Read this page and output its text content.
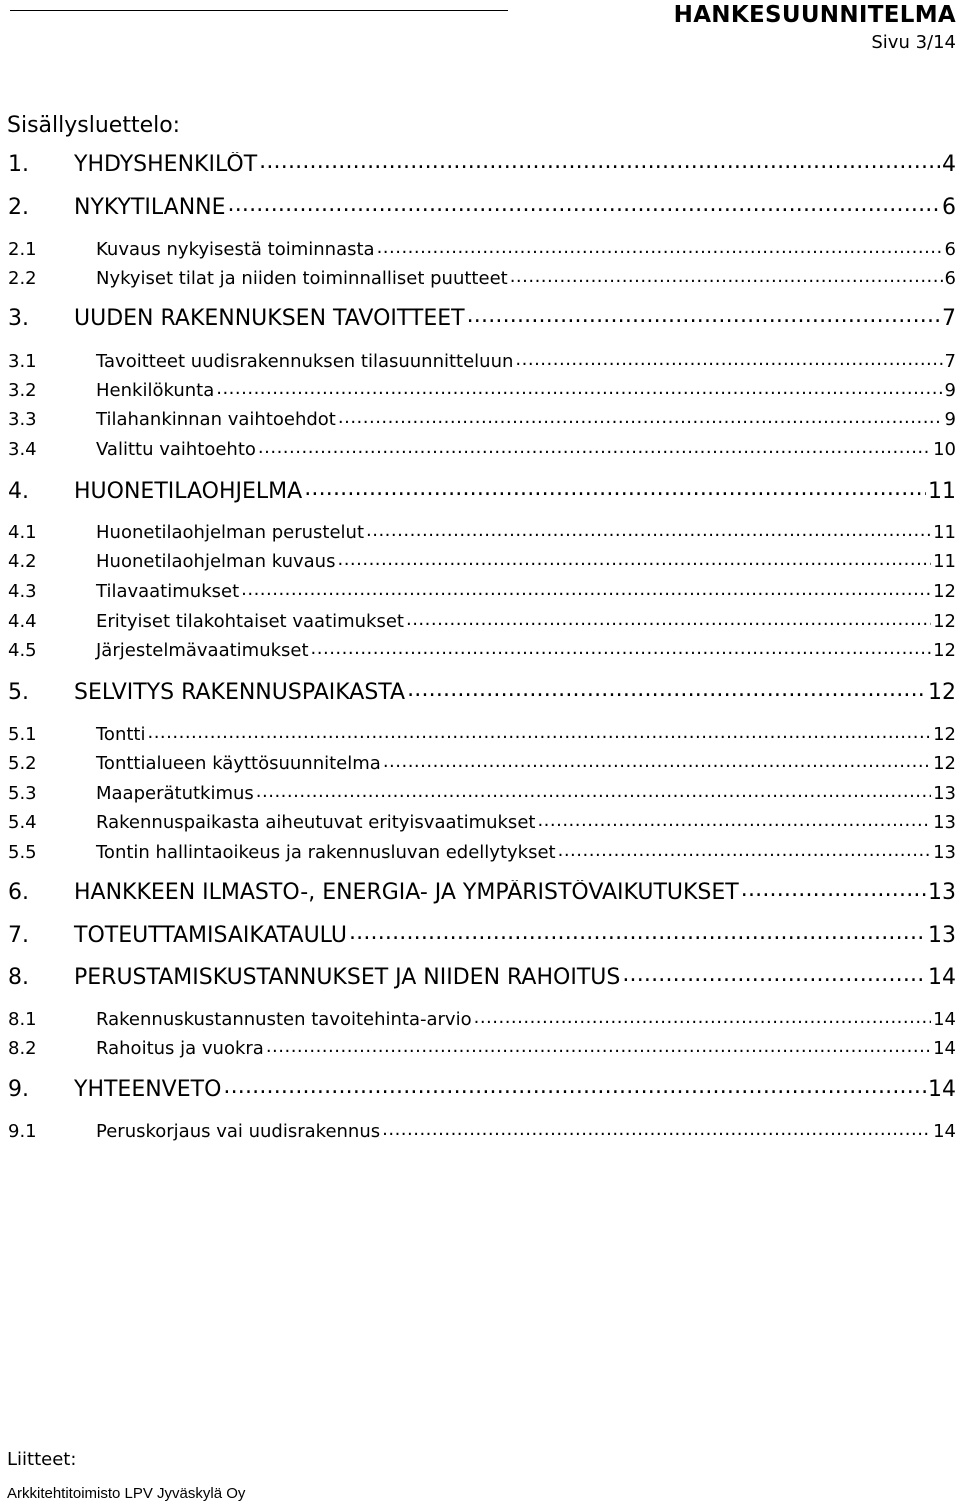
HANKESUUNNITELMA
Sivu 3/14
Sisällysluettelo:
1.	YHDYSHENKILÖT .....	4
2.	NYKYTILANNE .....	6
2.1	Kuvaus nykyisestä toiminnasta .....	6
2.2	Nykyiset tilat ja niiden toiminnalliset puutteet .....	6
3.	UUDEN RAKENNUKSEN TAVOITTEET .....	7
3.1	Tavoitteet uudisrakennuksen tilasuunnitteluun .....	7
3.2	Henkilökunta .....	9
3.3	Tilahankinnan vaihtoehdot .....	9
3.4	Valittu vaihtoehto .....	10
4.	HUONETILAOHJELMA .....	11
4.1	Huonetilaohjelman perustelut .....	11
4.2	Huonetilaohjelman kuvaus .....	11
4.3	Tilavaatimukset .....	12
4.4	Erityiset tilakohtaiset vaatimukset .....	12
4.5	Järjestelmävaatimukset .....	12
5.	SELVITYS RAKENNUSPAIKASTA .....	12
5.1	Tontti .....	12
5.2	Tonttialueen käyttösuunnitelma .....	12
5.3	Maaperätutkimus .....	13
5.4	Rakennuspaikasta aiheutuvat erityisvaatimukset .....	13
5.5	Tontin hallintaoikeus ja rakennusluvan edellytykset .....	13
6.	HANKKEEN ILMASTO-, ENERGIA- JA YMPÄRISTÖVAIKUTUKSET .....	13
7.	TOTEUTTAMISAIKATAULU .....	13
8.	PERUSTAMISKUSTANNUKSET JA NIIDEN RAHOITUS .....	14
8.1	Rakennuskustannusten tavoitehinta-arvio .....	14
8.2	Rahoitus ja vuokra .....	14
9.	YHTEENVETO .....	14
9.1	Peruskorjaus vai uudisrakennus .....	14
Liitteet:
Arkkitehtitoimisto LPV Jyväskylä Oy
